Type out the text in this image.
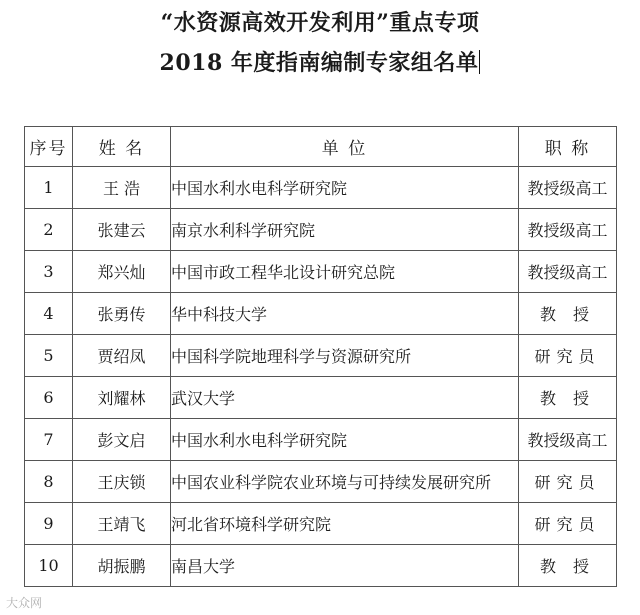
“水资源高效开发利用”重点专项
2018 年度指南编制专家组名单
序号	姓 名	单 位	职 称
1	王 浩	中国水利水电科学研究院	教授级高工
2	张建云	南京水利科学研究院	教授级高工
3	郑兴灿	中国市政工程华北设计研究总院	教授级高工
4	张勇传	华中科技大学	教 授
5	贾绍凤	中国科学院地理科学与资源研究所	研究员
6	刘耀林	武汉大学	教 授
7	彭文启	中国水利水电科学研究院	教授级高工
8	王庆锁	中国农业科学院农业环境与可持续发展研究所	研究员
9	王靖飞	河北省环境科学研究院	研究员
10	胡振鹏	南昌大学	教 授
大众网
